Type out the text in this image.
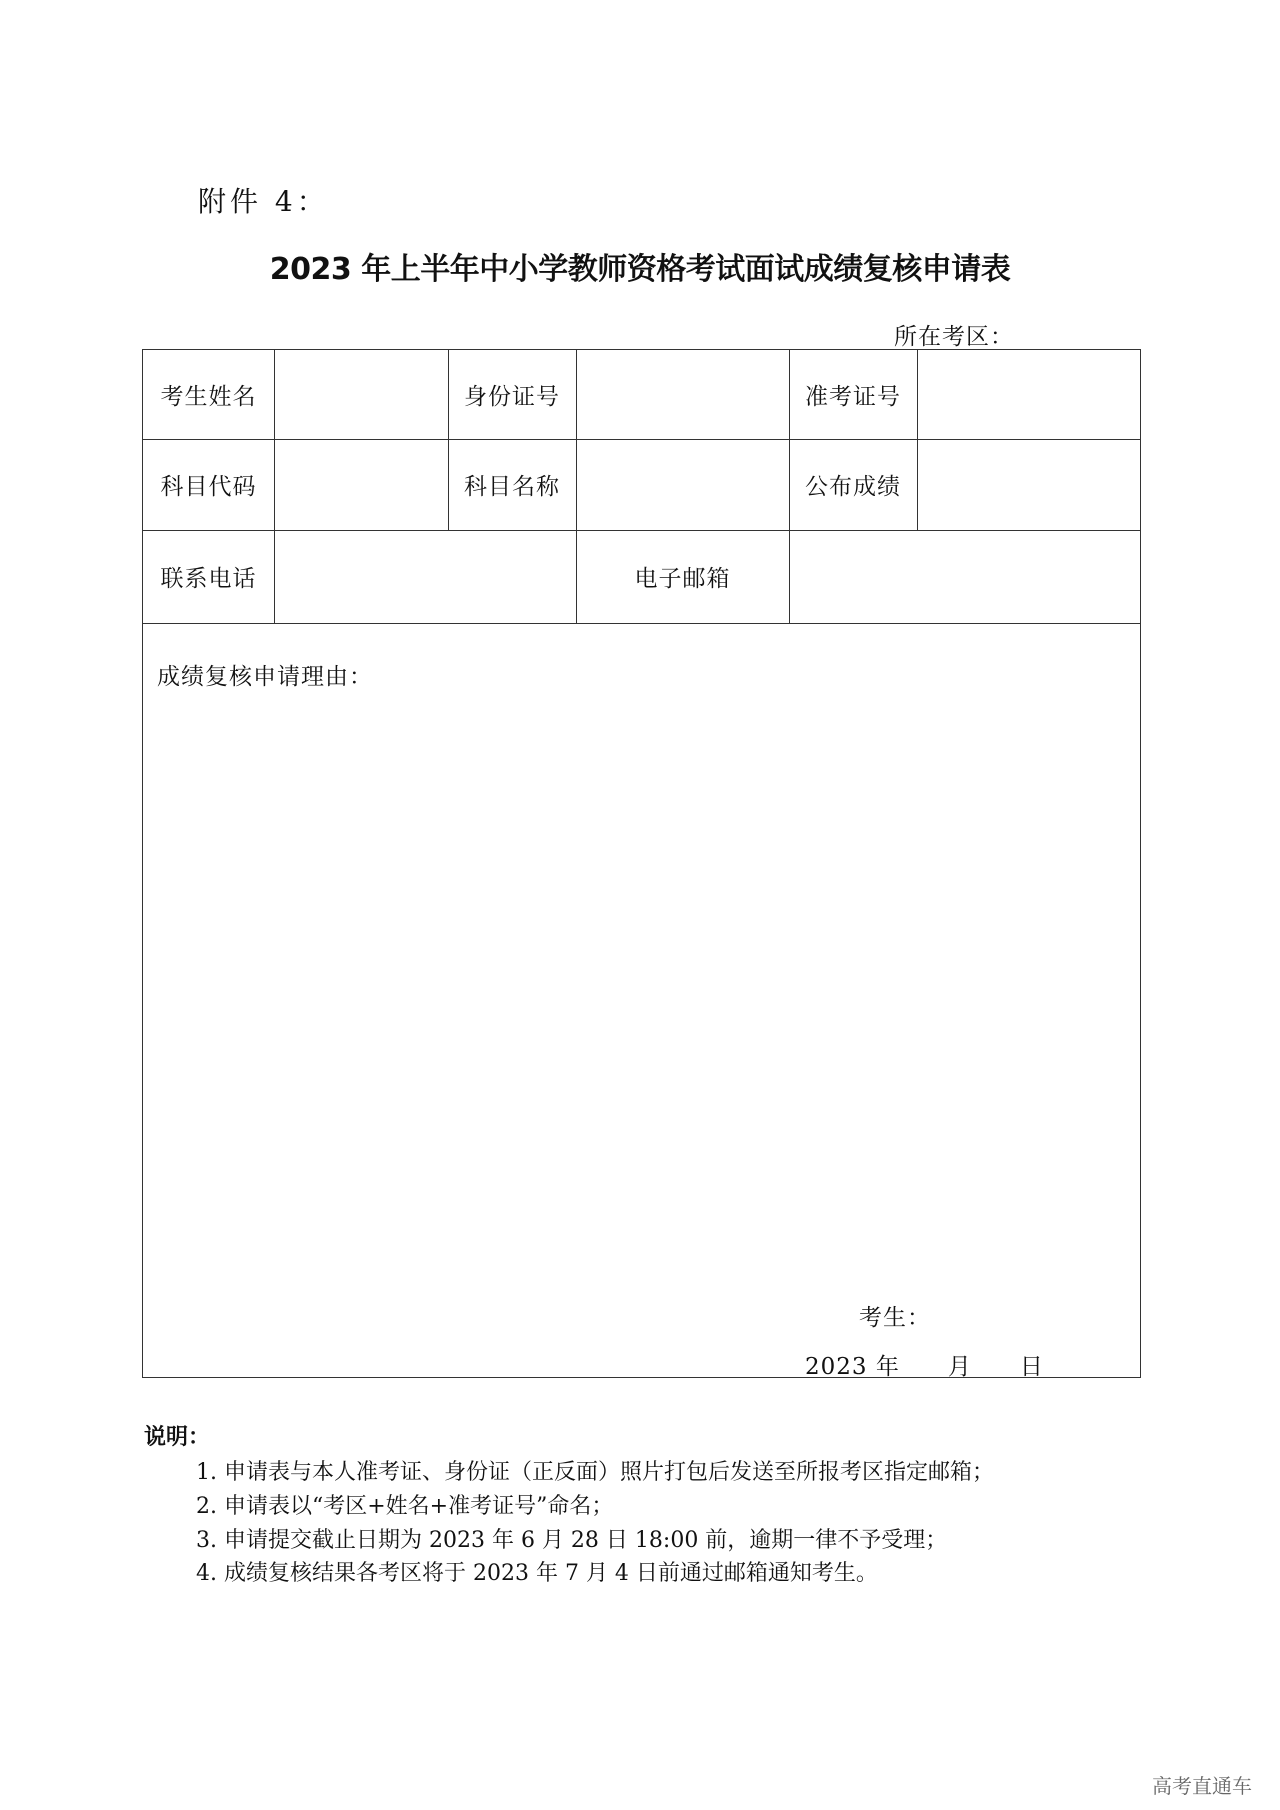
附件 4：
2023 年上半年中小学教师资格考试面试成绩复核申请表
所在考区：
考生姓名	身份证号	准考证号
科目代码	科目名称	公布成绩
联系电话	电子邮箱
成绩复核申请理由：
考生：
2023 年　　月　　日
说明：
1. 申请表与本人准考证、身份证（正反面）照片打包后发送至所报考区指定邮箱；
2. 申请表以“考区+姓名+准考证号”命名；
3. 申请提交截止日期为 2023 年 6 月 28 日 18:00 前，逾期一律不予受理；
4. 成绩复核结果各考区将于 2023 年 7 月 4 日前通过邮箱通知考生。
高考直通车
